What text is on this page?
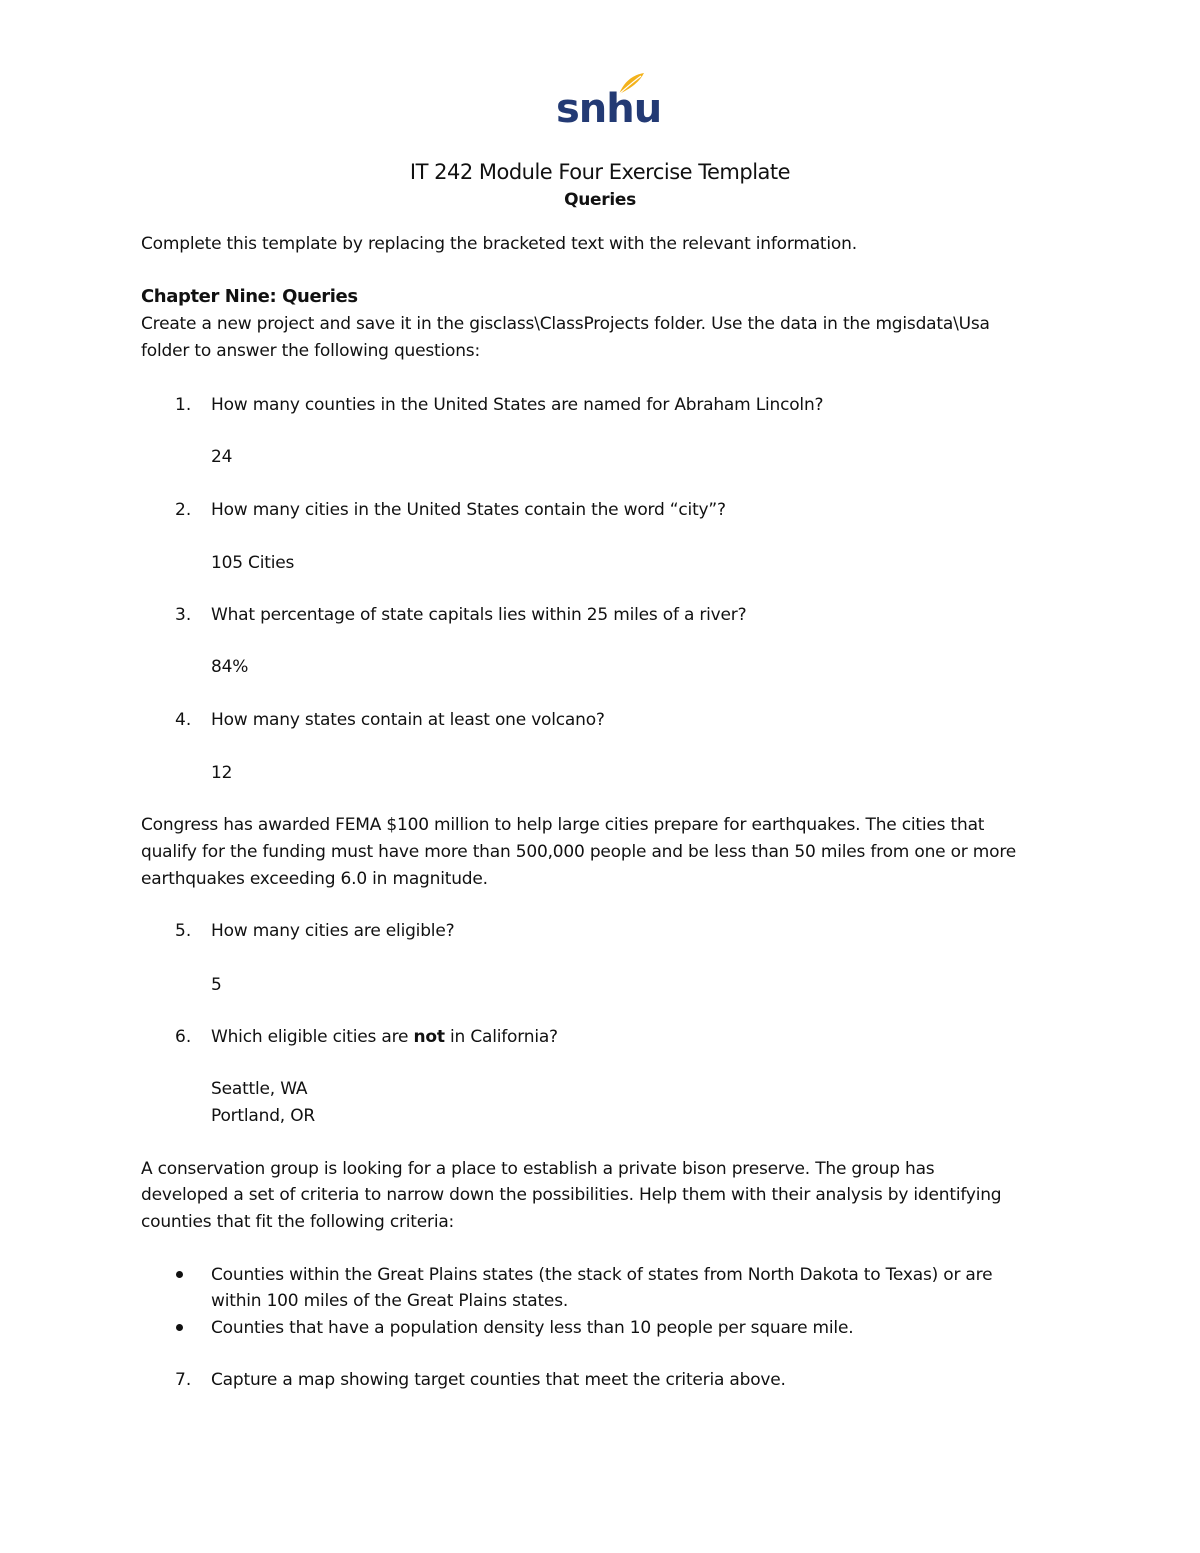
snhu
IT 242 Module Four Exercise Template
Queries
Complete this template by replacing the bracketed text with the relevant information.
Chapter Nine: Queries
Create a new project and save it in the gisclass\ClassProjects folder. Use the data in the mgisdata\Usa
folder to answer the following questions:
1. How many counties in the United States are named for Abraham Lincoln?
24
2. How many cities in the United States contain the word “city”?
105 Cities
3. What percentage of state capitals lies within 25 miles of a river?
84%
4. How many states contain at least one volcano?
12
Congress has awarded FEMA $100 million to help large cities prepare for earthquakes. The cities that
qualify for the funding must have more than 500,000 people and be less than 50 miles from one or more
earthquakes exceeding 6.0 in magnitude.
5. How many cities are eligible?
5
6. Which eligible cities are not in California?
Seattle, WA
Portland, OR
A conservation group is looking for a place to establish a private bison preserve. The group has
developed a set of criteria to narrow down the possibilities. Help them with their analysis by identifying
counties that fit the following criteria:
Counties within the Great Plains states (the stack of states from North Dakota to Texas) or are
within 100 miles of the Great Plains states.
Counties that have a population density less than 10 people per square mile.
7. Capture a map showing target counties that meet the criteria above.
